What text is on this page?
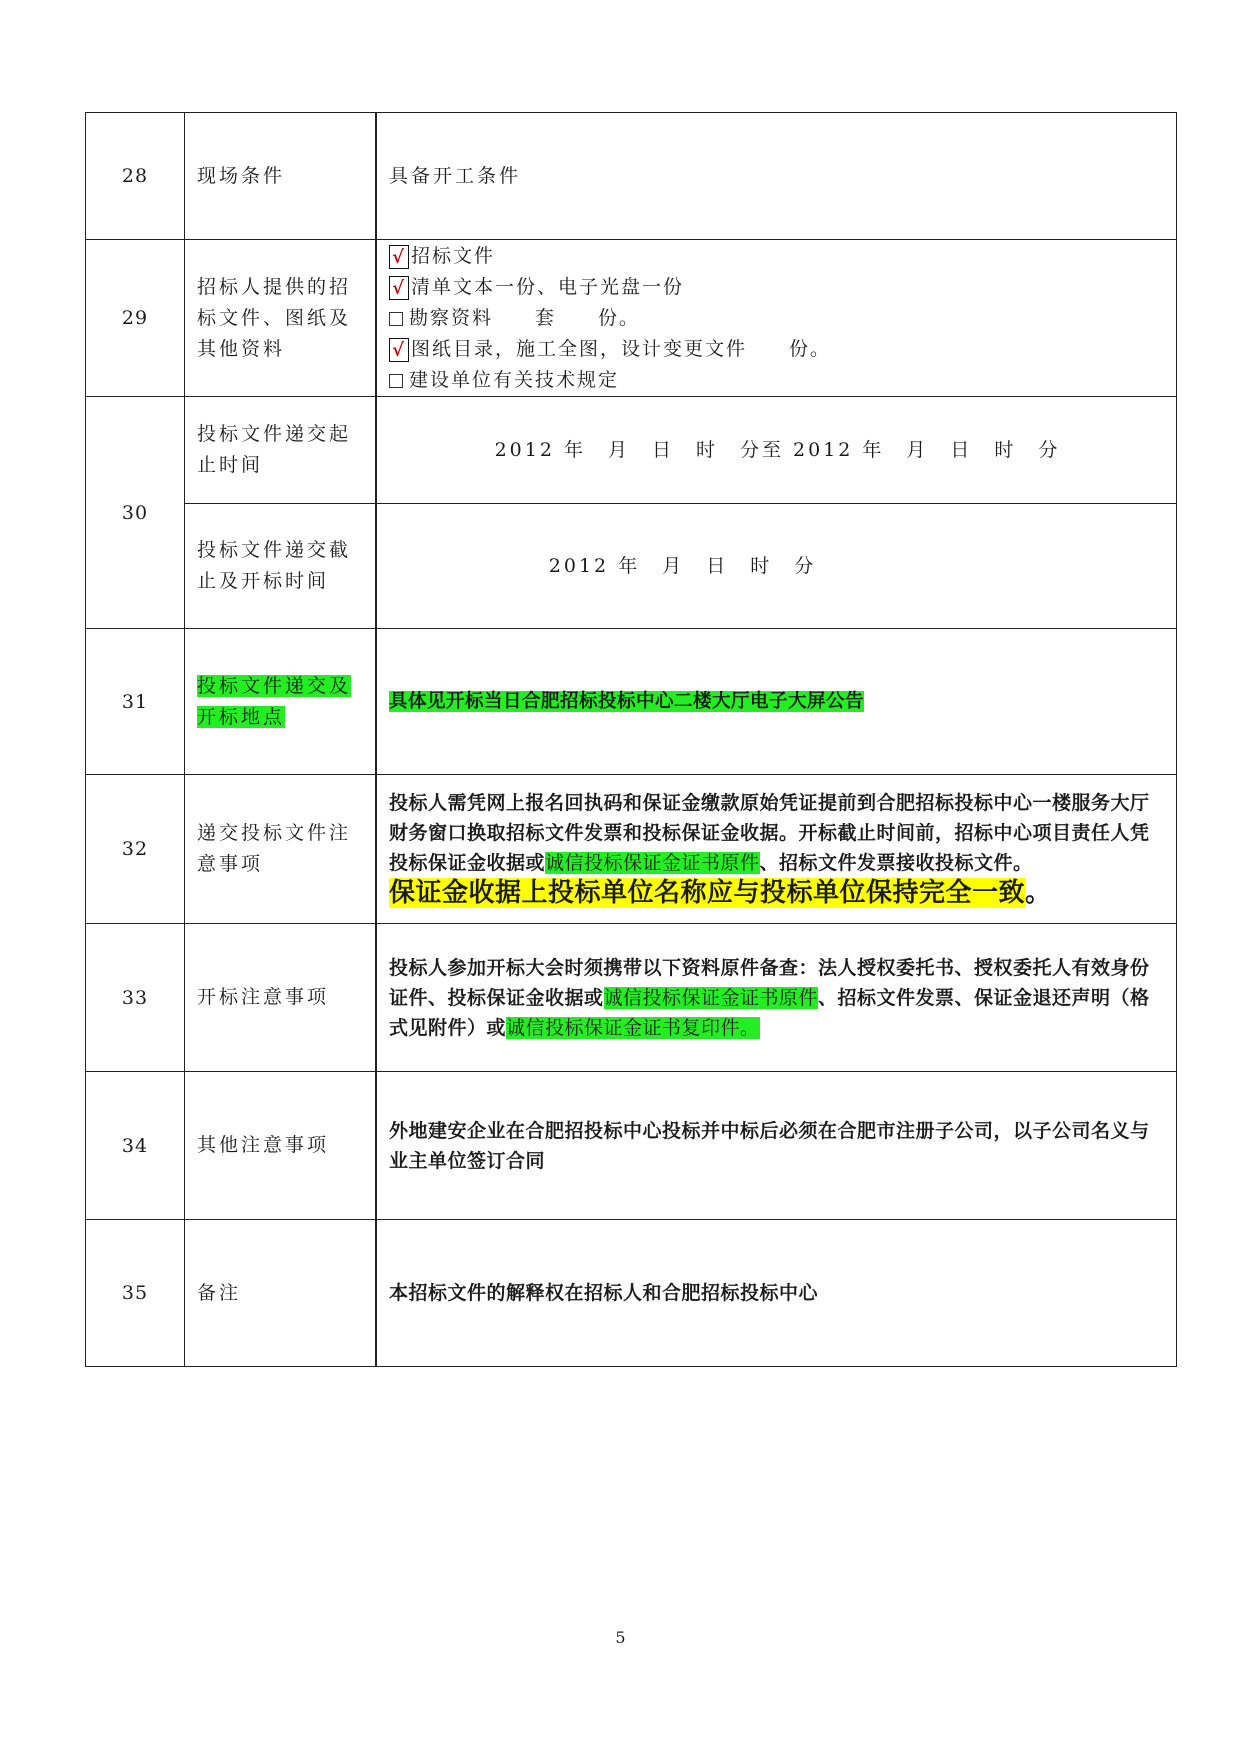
28	现场条件	具备开工条件
29	招标人提供的招标文件、图纸及其他资料	√ 招标文件
√ 清单文本一份、电子光盘一份
勘察资料　　套　　份。
√ 图纸目录，施工全图，设计变更文件　　份。
建设单位有关技术规定

30	投标文件递交起止时间	2012 年　月　日　时　分至 2012 年　月　日　时　分
	投标文件递交截止及开标时间	2012 年　月　日　时　分
31	投标文件递交及开标地点	具体见开标当日合肥招标投标中心二楼大厅电子大屏公告
32	递交投标文件注意事项	投标人需凭网上报名回执码和保证金缴款原始凭证提前到合肥招标投标中心一楼服务大厅财务窗口换取招标文件发票和投标保证金收据。开标截止时间前，招标中心项目责任人凭投标保证金收据或诚信投标保证金证书原件、招标文件发票接收投标文件。
保证金收据上投标单位名称应与投标单位保持完全一致。
33	开标注意事项	投标人参加开标大会时须携带以下资料原件备查：法人授权委托书、授权委托人有效身份证件、投标保证金收据或诚信投标保证金证书原件、招标文件发票、保证金退还声明（格式见附件）或诚信投标保证金证书复印件。
34	其他注意事项	外地建安企业在合肥招投标中心投标并中标后必须在合肥市注册子公司，以子公司名义与业主单位签订合同
35	备注	本招标文件的解释权在招标人和合肥招标投标中心
5
